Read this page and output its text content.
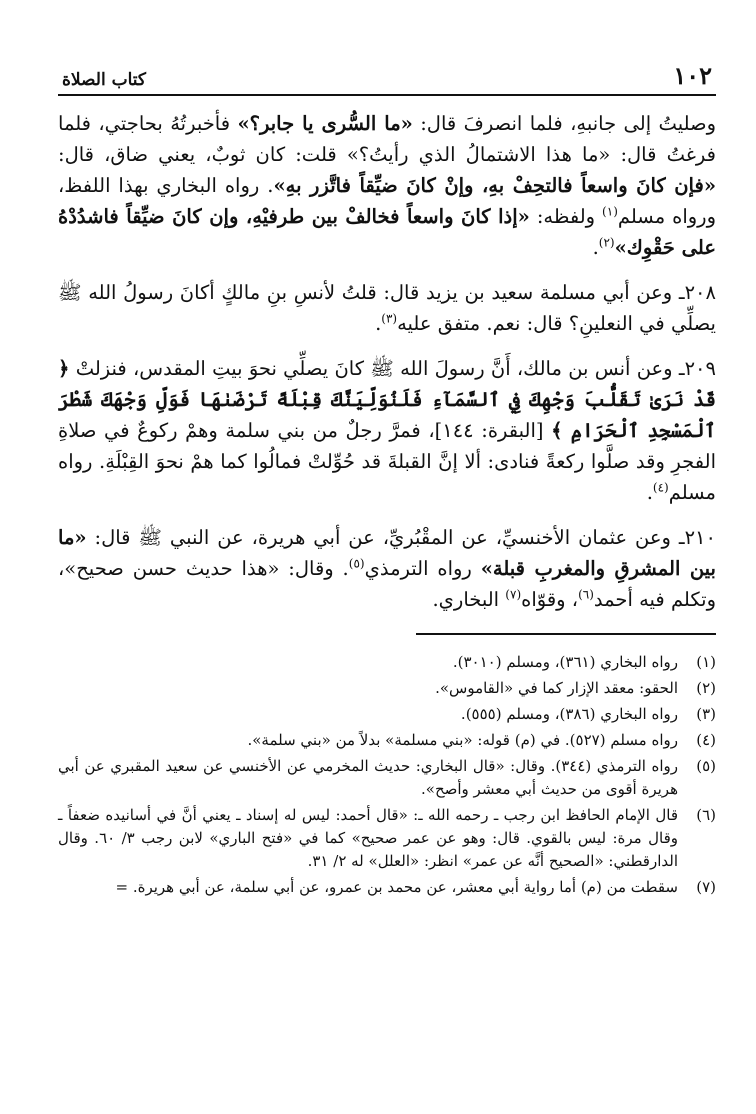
١٠٢
كتاب الصلاة

وصليتُ إلى جانبهِ، فلما انصرفَ قال: «ما السُّرى يا جابر؟» فأخبرتُهُ بحاجتي، فلما فرغتُ قال: «ما هذا الاشتمالُ الذي رأيتُ؟» قلت: كان ثوبٌ، يعني ضاق، قال: «فإن كانَ واسعاً فالتحِفْ بهِ، وإنْ كانَ ضيِّقاً فاتَّزر بهِ». رواه البخاري بهذا اللفظ، ورواه مسلم$^{(١)}$ ولفظه: «إذا كانَ واسعاً فخالفْ بين طرفيْهِ، وإن كانَ ضيِّقاً فاشدُدْهُ على حَقْوِك»$^{(٢)}$.

٢٠٨ـ وعن أبي مسلمة سعيد بن يزيد قال: قلتُ لأنسِ بنِ مالكٍ أكانَ رسولُ الله ﷺ يصلِّي في النعلينِ؟ قال: نعم. متفق عليه$^{(٣)}$.

٢٠٩ـ وعن أنس بن مالك، أَنَّ رسولَ الله ﷺ كانَ يصلِّي نحوَ بيتِ المقدس، فنزلتْ ﴿ قَدْ نَرَىٰ تَقَلُّبَ وَجْهِكَ فِي ٱلسَّمَآءِ فَلَنُوَلِّيَنَّكَ قِبْلَةً تَرْضَىٰهَا فَوَلِّ وَجْهَكَ شَطْرَ ٱلْمَسْجِدِ ٱلْحَرَامِ ﴾ [البقرة: ١٤٤]، فمرَّ رجلٌ من بني سلمة وهمْ ركوعٌ في صلاةِ الفجرِ وقد صلَّوا ركعةً فنادى: ألا إنَّ القبلةَ قد حُوِّلتْ فمالُوا كما همْ نحوَ القِبْلَةِ. رواه مسلم$^{(٤)}$.

٢١٠ـ وعن عثمان الأخنسيِّ، عن المقْبُريِّ، عن أبي هريرة، عن النبي ﷺ قال: «ما بين المشرقِ والمغربِ قبلة» رواه الترمذي$^{(٥)}$. وقال: «هذا حديث حسن صحيح»، وتكلم فيه أحمد$^{(٦)}$، وقوّاه$^{(٧)}$ البخاري.

(١)
رواه البخاري (٣٦١)، ومسلم (٣٠١٠).
(٢)
الحقو: معقد الإزار كما في «القاموس».
(٣)
رواه البخاري (٣٨٦)، ومسلم (٥٥٥).
(٤)
رواه مسلم (٥٢٧). في (م) قوله: «بني مسلمة» بدلاً من «بني سلمة».
(٥)
رواه الترمذي (٣٤٤). وقال: «قال البخاري: حديث المخرمي عن الأخنسي عن سعيد المقبري عن أبي هريرة أقوى من حديث أبي معشر وأصح».
(٦)
قال الإمام الحافظ ابن رجب ـ رحمه الله ـ: «قال أحمد: ليس له إسناد ـ يعني أنَّ في أسانيده ضعفاً ـ وقال مرة: ليس بالقوي. قال: وهو عن عمر صحيح» كما في «فتح الباري» لابن رجب ٣/ ٦٠. وقال الدارقطني: «الصحيح أنَّه عن عمر» انظر: «العلل» له ٢/ ٣١.
(٧)
سقطت من (م) أما رواية أبي معشر، عن محمد بن عمرو، عن أبي سلمة، عن أبي هريرة. =
